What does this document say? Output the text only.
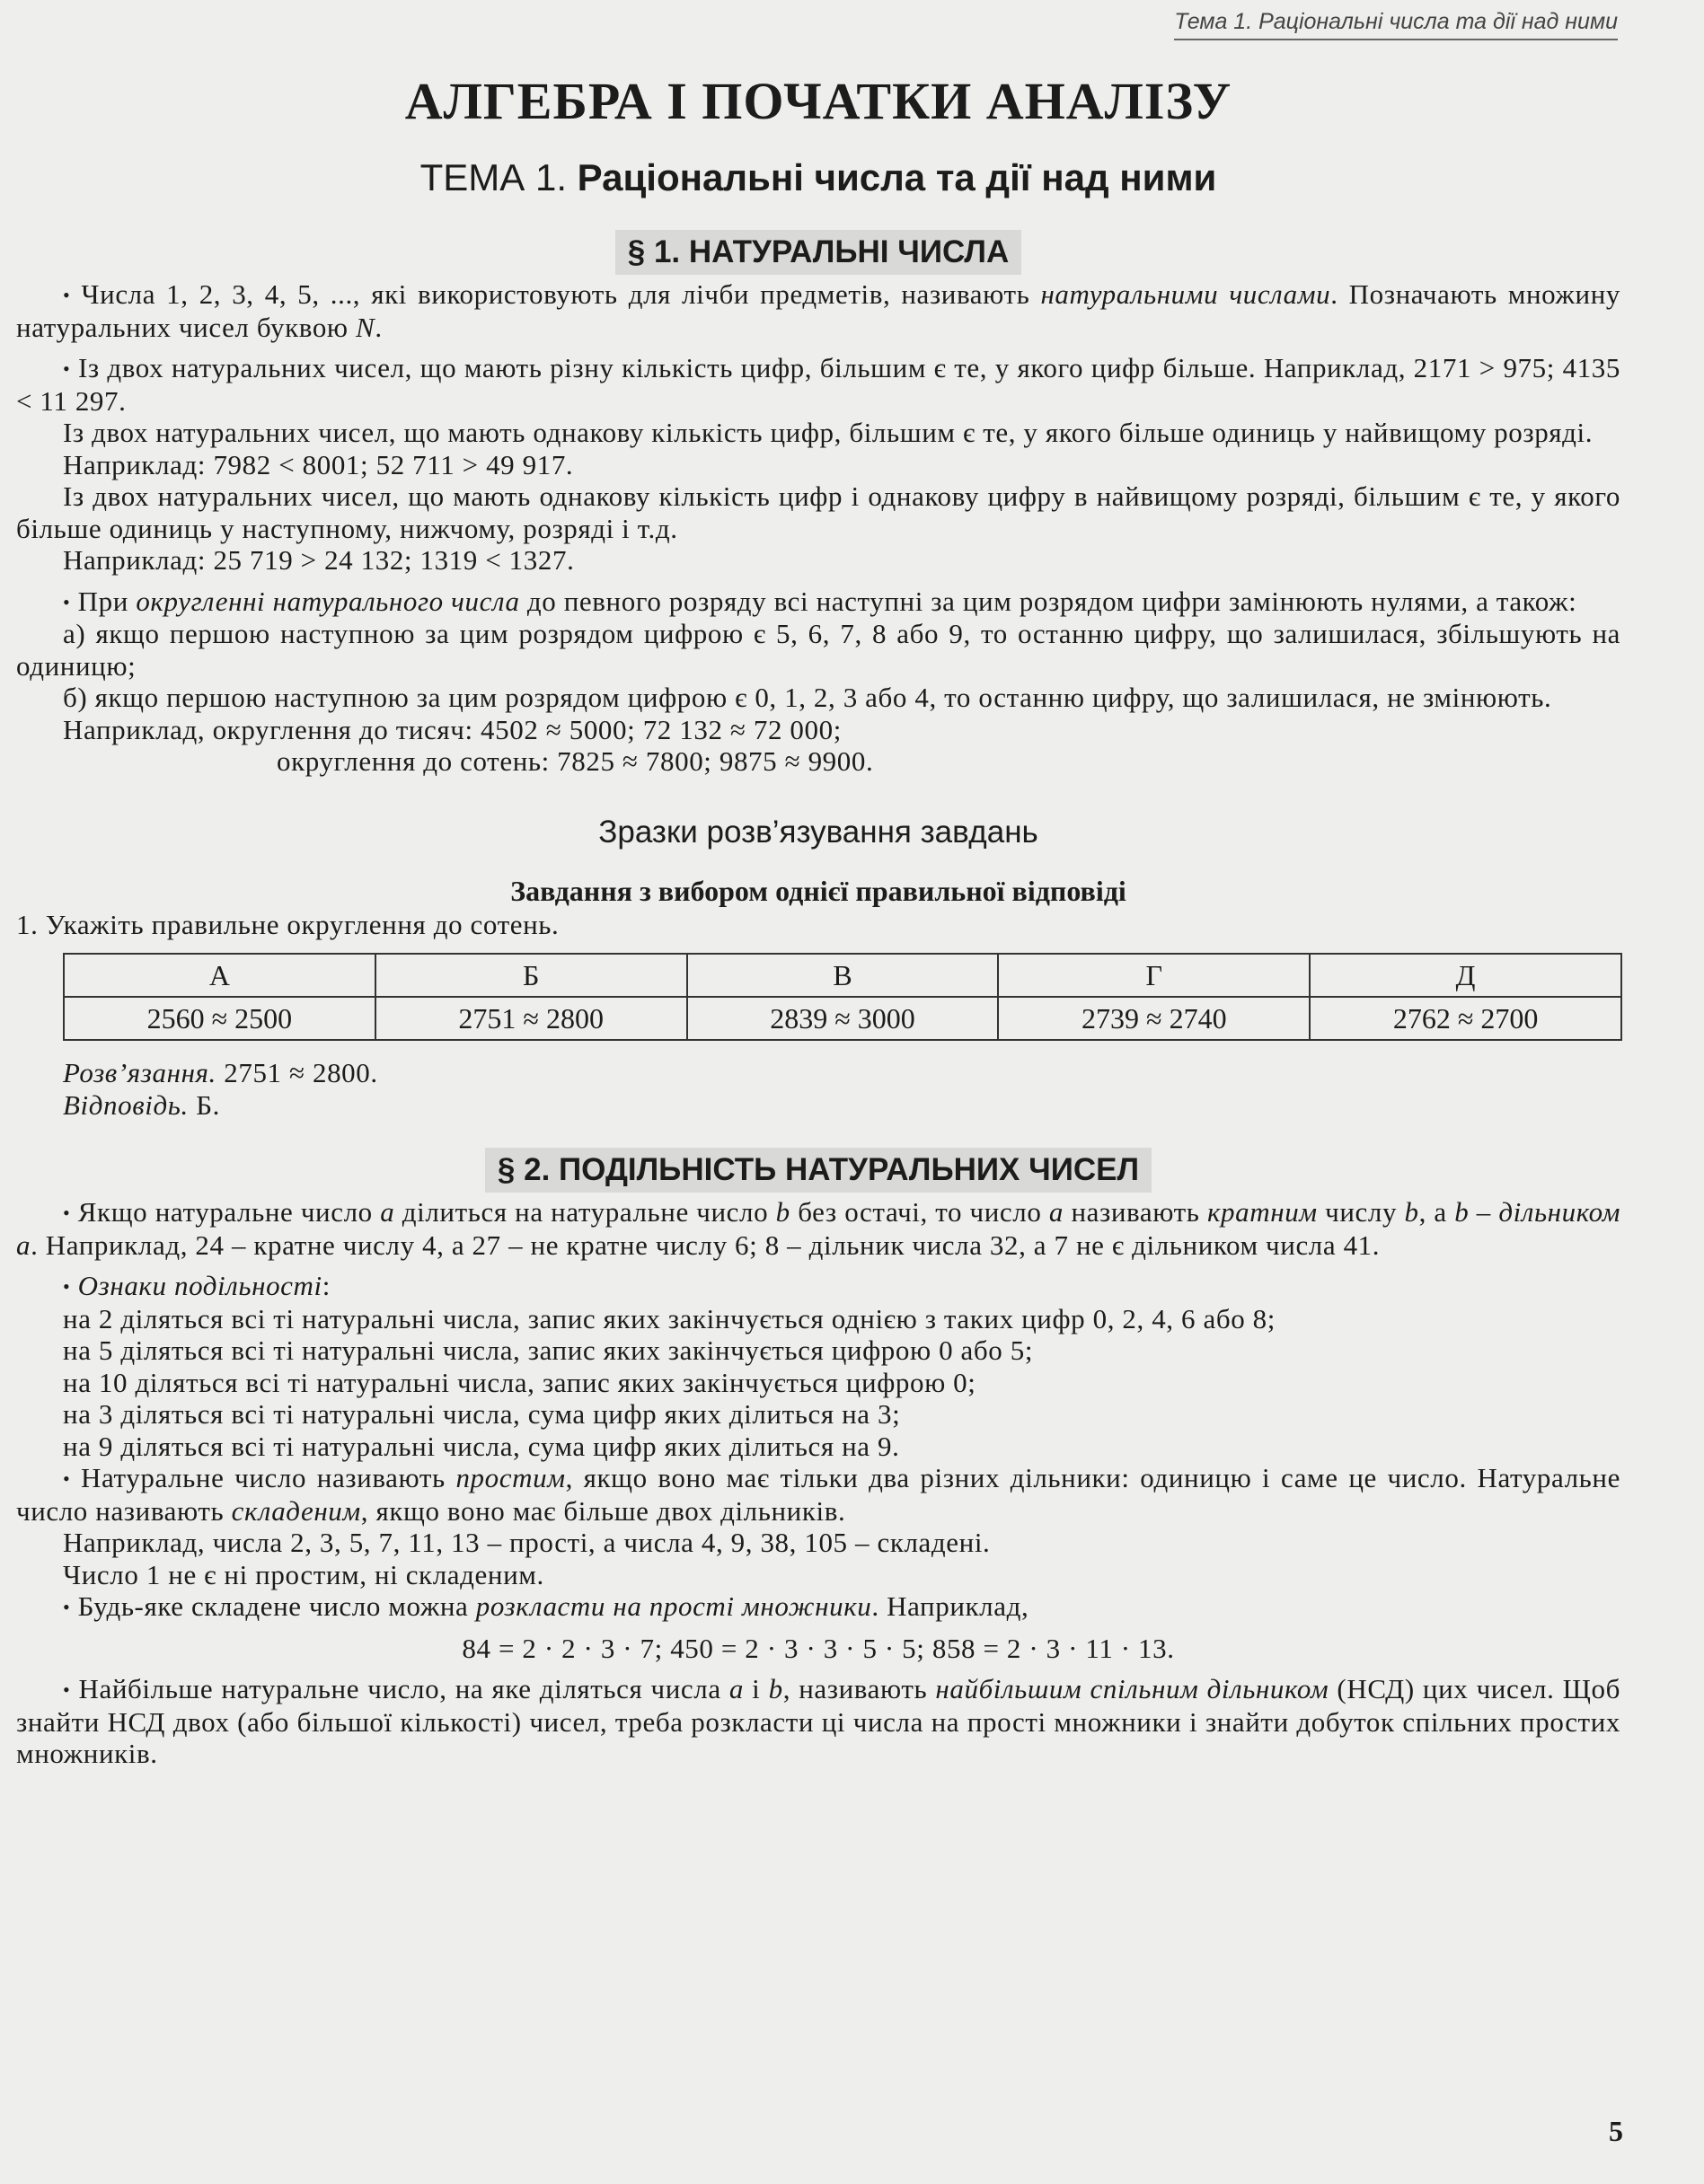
Тема 1. Раціональні числа та дії над ними
АЛГЕБРА І ПОЧАТКИ АНАЛІЗУ
ТЕМА 1. Раціональні числа та дії над ними
§ 1. НАТУРАЛЬНІ ЧИСЛА

• Числа 1, 2, 3, 4, 5, ..., які використовують для лічби предметів, називають натуральними числами. Позначають множину натуральних чисел буквою N.

• Із двох натуральних чисел, що мають різну кількість цифр, більшим є те, у якого цифр більше. Наприклад, 2171 > 975; 4135 < 11 297.

Із двох натуральних чисел, що мають однакову кількість цифр, більшим є те, у якого більше одиниць у найвищому розряді.

Наприклад: 7982 < 8001; 52 711 > 49 917.

Із двох натуральних чисел, що мають однакову кількість цифр і однакову цифру в найвищому розряді, більшим є те, у якого більше одиниць у наступному, нижчому, розряді і т.д.

Наприклад: 25 719 > 24 132; 1319 < 1327.

• При округленні натурального числа до певного розряду всі наступні за цим розрядом цифри замінюють нулями, а також:

а) якщо першою наступною за цим розрядом цифрою є 5, 6, 7, 8 або 9, то останню цифру, що залишилася, збільшують на одиницю;

б) якщо першою наступною за цим розрядом цифрою є 0, 1, 2, 3 або 4, то останню цифру, що залишилася, не змінюють.

Наприклад, округлення до тисяч: 4502 ≈ 5000; 72 132 ≈ 72 000;

округлення до сотень: 7825 ≈ 7800; 9875 ≈ 9900.

Зразки розв’язування завдань
Завдання з вибором однієї правильної відповіді

1. Укажіть правильне округлення до сотень.

А	Б	В	Г	Д
2560 ≈ 2500	2751 ≈ 2800	2839 ≈ 3000	2739 ≈ 2740	2762 ≈ 2700

Розв’язання. 2751 ≈ 2800.

Відповідь. Б.

§ 2. ПОДІЛЬНІСТЬ НАТУРАЛЬНИХ ЧИСЕЛ

• Якщо натуральне число a ділиться на натуральне число b без остачі, то число a називають кратним числу b, а b – дільником a. Наприклад, 24 – кратне числу 4, а 27 – не кратне числу 6; 8 – дільник числа 32, а 7 не є дільником числа 41.

• Ознаки подільності:

на 2 діляться всі ті натуральні числа, запис яких закінчується однією з таких цифр 0, 2, 4, 6 або 8;

на 5 діляться всі ті натуральні числа, запис яких закінчується цифрою 0 або 5;

на 10 діляться всі ті натуральні числа, запис яких закінчується цифрою 0;

на 3 діляться всі ті натуральні числа, сума цифр яких ділиться на 3;

на 9 діляться всі ті натуральні числа, сума цифр яких ділиться на 9.

• Натуральне число називають простим, якщо воно має тільки два різних дільники: одиницю і саме це число. Натуральне число називають складеним, якщо воно має більше двох дільників.

Наприклад, числа 2, 3, 5, 7, 11, 13 – прості, а числа 4, 9, 38, 105 – складені.

Число 1 не є ні простим, ні складеним.

• Будь-яке складене число можна розкласти на прості множники. Наприклад,

84 = 2 · 2 · 3 · 7; 450 = 2 · 3 · 3 · 5 · 5; 858 = 2 · 3 · 11 · 13.

• Найбільше натуральне число, на яке діляться числа a і b, називають найбільшим спільним дільником (НСД) цих чисел. Щоб знайти НСД двох (або більшої кількості) чисел, треба розкласти ці числа на прості множники і знайти добуток спільних простих множників.

5
